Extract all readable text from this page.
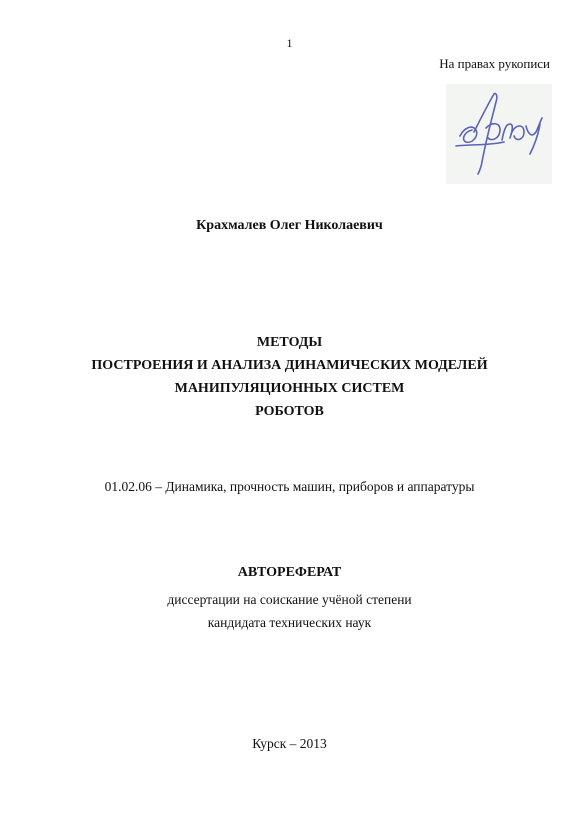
1
На правах рукописи
Крахмалев Олег Николаевич
МЕТОДЫ
ПОСТРОЕНИЯ И АНАЛИЗА ДИНАМИЧЕСКИХ МОДЕЛЕЙ
МАНИПУЛЯЦИОННЫХ СИСТЕМ
РОБОТОВ
01.02.06 – Динамика, прочность машин, приборов и аппаратуры
АВТОРЕФЕРАТ
диссертации на соискание учёной степени
кандидата технических наук
Курск – 2013
